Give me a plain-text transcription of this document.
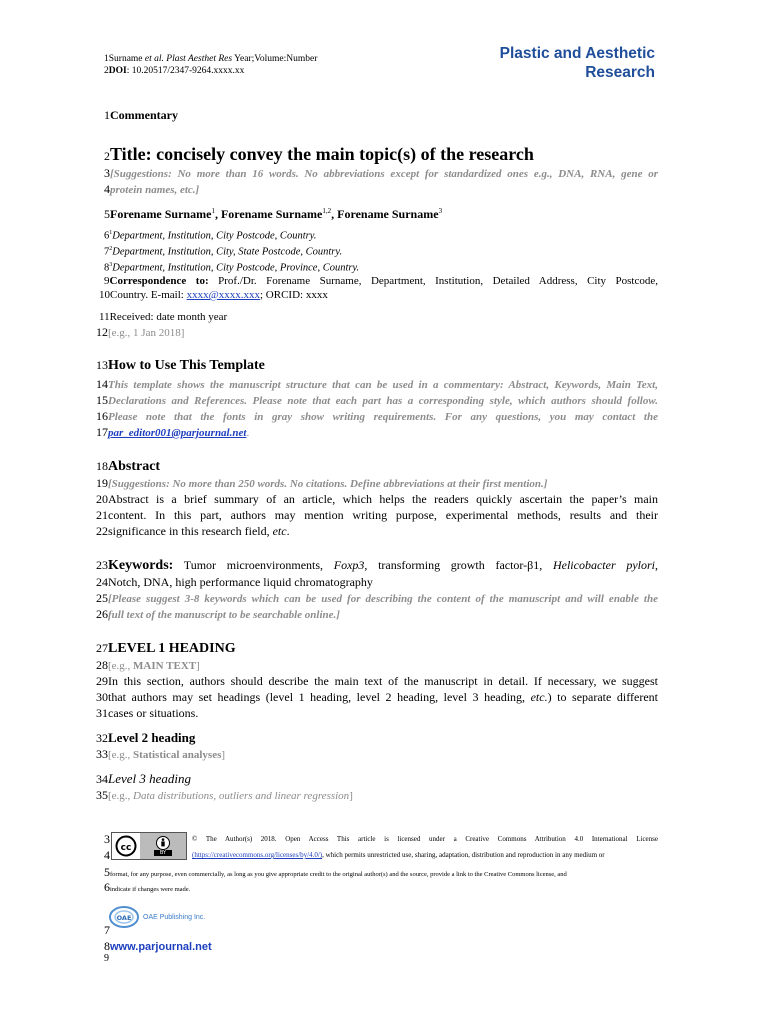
1Surname et al. Plast Aesthet Res Year;Volume:Number
2DOI: 10.20517/2347-9264.xxxx.xx
Plastic and Aesthetic
Research
1Commentary
2Title: concisely convey the main topic(s) of the research
3[Suggestions: No more than 16 words. No abbreviations except for standardized ones e.g., DNA, RNA, gene or
4protein names, etc.]
5Forename Surname$^1$, Forename Surname$^{1,2}$, Forename Surname$^3$
$6^1Department$, Institution, City Postcode, Country.
$7^2Department$, Institution, City, State Postcode, Country.
$8^3Department$, Institution, City Postcode, Province, Country.
9Correspondence to: Prof./Dr. Forename Surname, Department, Institution, Detailed Address, City Postcode,
10Country. E-mail: xxxx@xxxx.xxx; ORCID: xxxx
11Received: date month year
12[e.g., 1 Jan 2018]
13How to Use This Template
14This template shows the manuscript structure that can be used in a commentary: Abstract, Keywords, Main Text,
15Declarations and References. Please note that each part has a corresponding style, which authors should follow.
16Please note that the fonts in gray show writing requirements. For any questions, you may contact the
17par_editor001@parjournal.net.
18Abstract
19[Suggestions: No more than 250 words. No citations. Define abbreviations at their first mention.]
20Abstract is a brief summary of an article, which helps the readers quickly ascertain the paper’s main
21content. In this part, authors may mention writing purpose, experimental methods, results and their
22significance in this research field, etc.
23Keywords: Tumor microenvironments, Foxp3, transforming growth factor-β1, Helicobacter pylori,
24Notch, DNA, high performance liquid chromatography
25[Please suggest 3-8 keywords which can be used for describing the content of the manuscript and will enable the
26full text of the manuscript to be searchable online.]
27LEVEL 1 HEADING
28[e.g., MAIN TEXT]
29In this section, authors should describe the main text of the manuscript in detail. If necessary, we suggest
30that authors may set headings (level 1 heading, level 2 heading, level 3 heading, etc.) to separate different
31cases or situations.
32Level 2 heading
33[e.g., Statistical analyses]
34Level 3 heading
35[e.g., Data distributions, outliers and linear regression]
3
4 cc	BY
© The Author(s) 2018. Open Access This article is licensed under a Creative Commons Attribution 4.0 International License
(https://creativecommons.org/licenses/by/4.0/), which permits unrestricted use, sharing, adaptation, distribution and reproduction in any medium or
5format, for any purpose, even commercially, as long as you give appropriate credit to the original author(s) and the source, provide a link to the Creative Commons license, and
6indicate if changes were made.
OAE OAE Publishing Inc.
7
8www.parjournal.net
9
